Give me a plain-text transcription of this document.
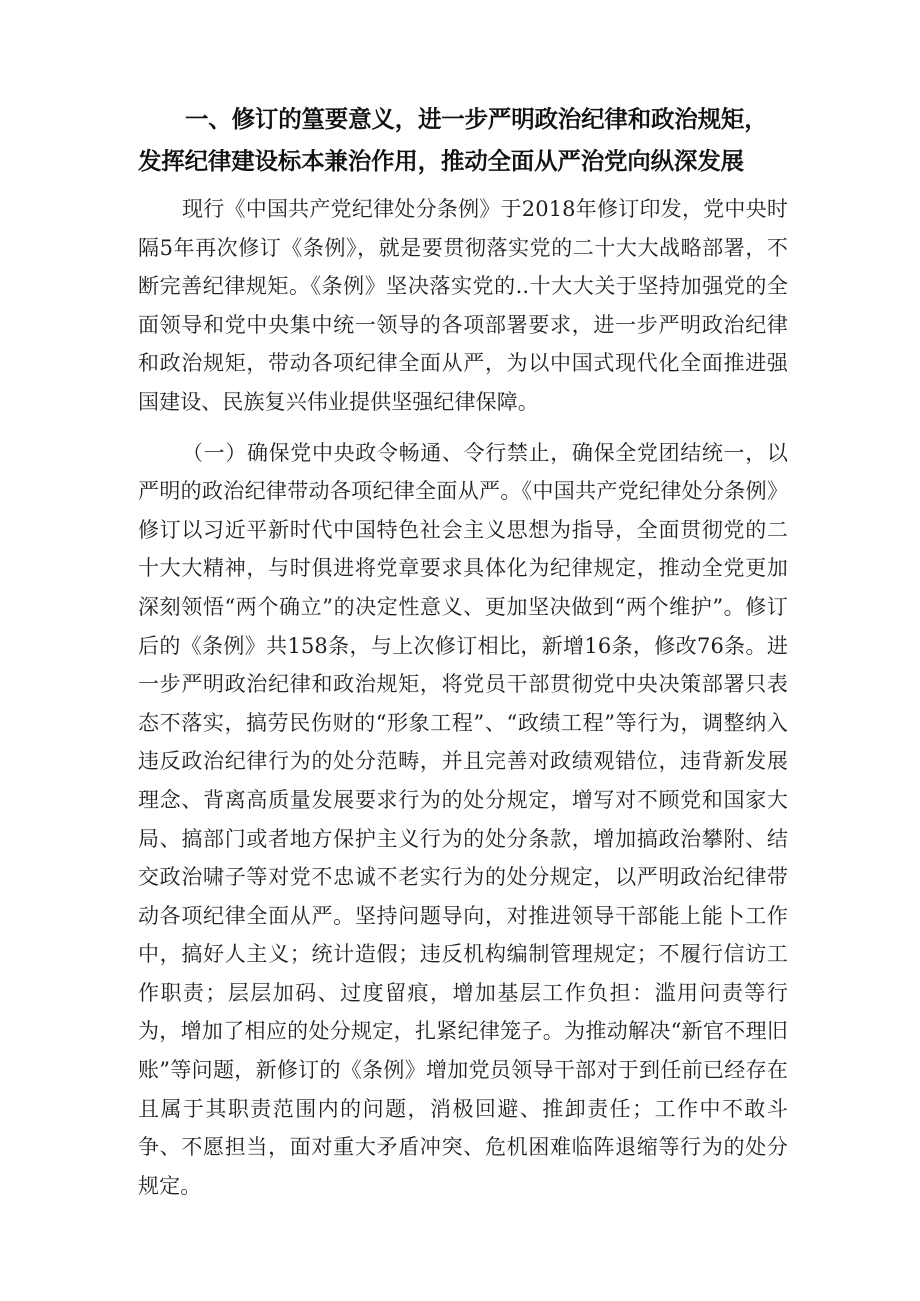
一、修订的篁要意义，进一步严明政治纪律和政治规矩，发挥纪律建设标本兼治作用，推动全面从严治党向纵深发展

现行《中国共产党纪律处分条例》于2018年修订印发，党中央时隔5年再次修订《条例》，就是要贯彻落实党的二十大大战略部署，不断完善纪律规矩。《条例》坚决落实党的..十大大关于坚持加强党的全面领导和党中央集中统一领导的各项部署要求，进一步严明政治纪律和政治规矩，带动各项纪律全面从严，为以中国式现代化全面推进强国建设、民族复兴伟业提供坚强纪律保障。

（一）确保党中央政令畅通、令行禁止，确保全党团结统一，以严明的政治纪律带动各项纪律全面从严。《中国共产党纪律处分条例》修订以习近平新时代中国特色社会主义思想为指导，全面贯彻党的二十大大精神，与时俱进将党章要求具体化为纪律规定，推动全党更加深刻领悟“两个确立”的决定性意义、更加坚决做到“两个维护”。修订后的《条例》共158条，与上次修订相比，新增16条，修改76条。进一步严明政治纪律和政治规矩，将党员干部贯彻党中央决策部署只表态不落实，搞劳民伤财的“形象工程”、“政绩工程”等行为，调整纳入违反政治纪律行为的处分范畴，并且完善对政绩观错位，违背新发展理念、背离高质量发展要求行为的处分规定，增写对不顾党和国家大局、搞部门或者地方保护主义行为的处分条款，增加搞政治攀附、结交政治啸子等对党不忠诚不老实行为的处分规定，以严明政治纪律带动各项纪律全面从严。坚持问题导向，对推进领导干部能上能卜工作中，搞好人主义；统计造假；违反机构编制管理规定；不履行信访工作职责；层层加码、过度留痕，增加基层工作负担：滥用问责等行为，增加了相应的处分规定，扎紧纪律笼子。为推动解决“新官不理旧账”等问题，新修订的《条例》增加党员领导干部对于到任前已经存在且属于其职责范围内的问题，消极回避、推卸责任；工作中不敢斗争、不愿担当，面对重大矛盾冲突、危机困难临阵退缩等行为的处分规定。
